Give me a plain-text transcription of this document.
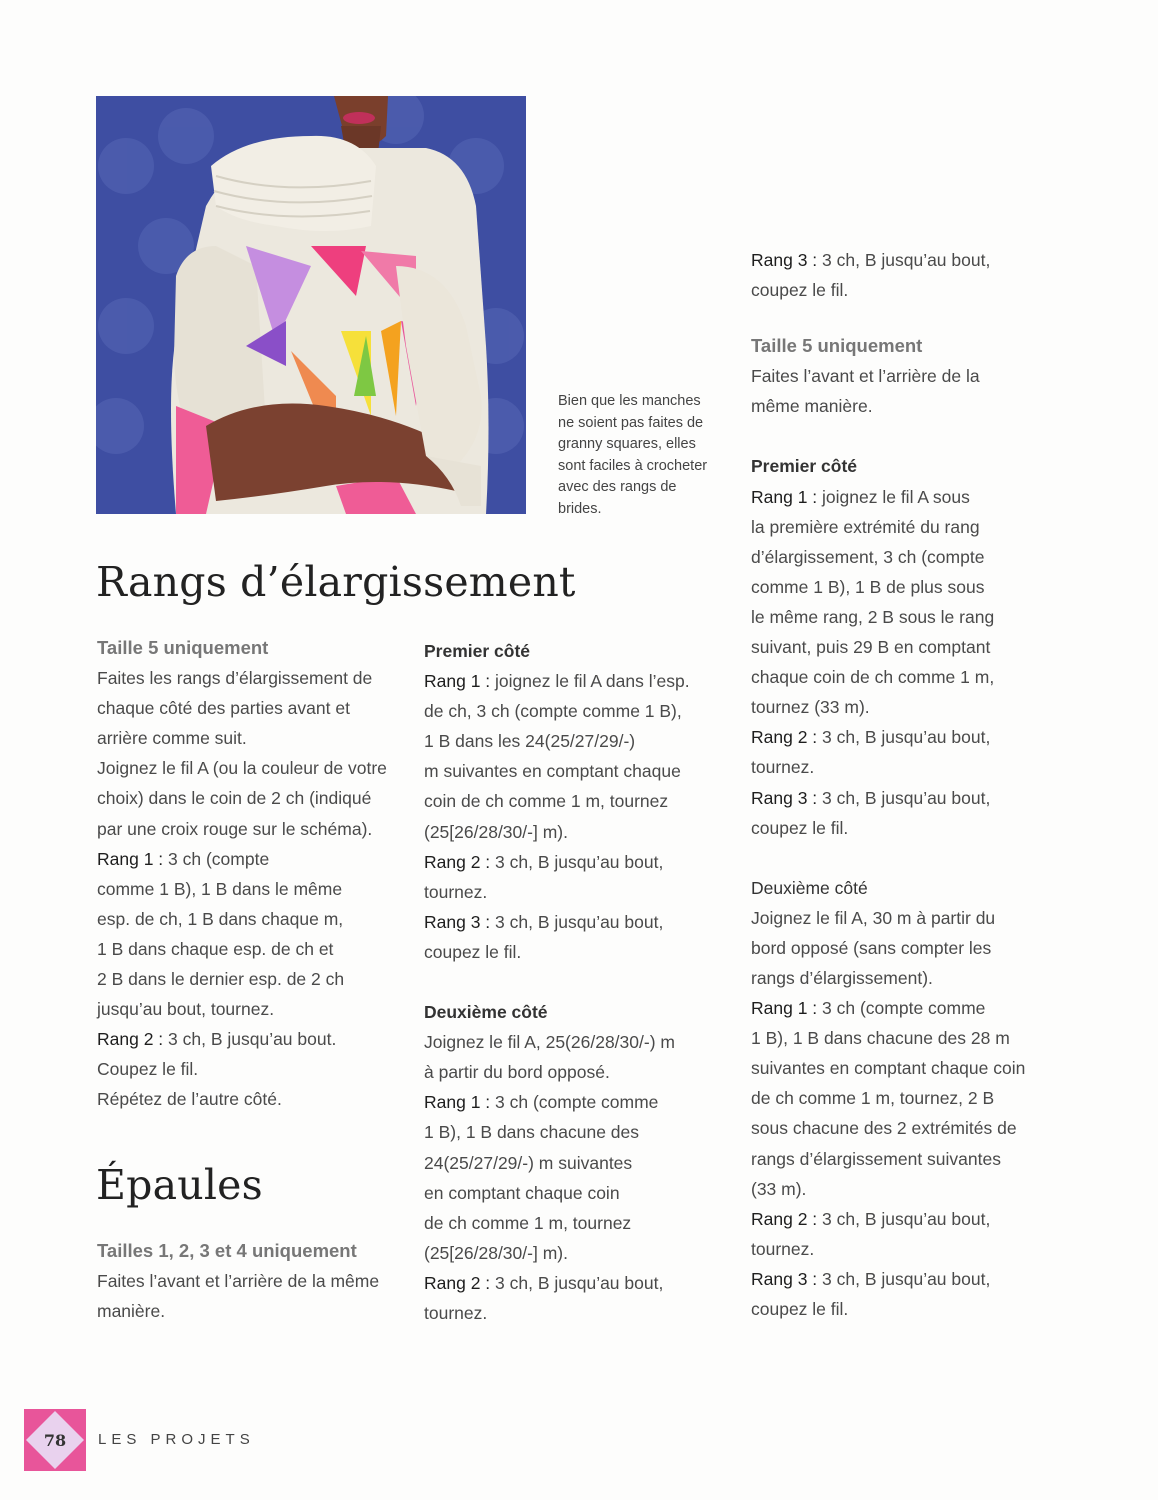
Bien que les manches
ne soient pas faites de
granny squares, elles
sont faciles à crocheter
avec des rangs de
brides.
Rangs d’élargissement
Épaules
Taille 5 uniquement
Faites les rangs d’élargissement de
chaque côté des parties avant et
arrière comme suit.
Joignez le fil A (ou la couleur de votre
choix) dans le coin de 2 ch (indiqué
par une croix rouge sur le schéma).
Rang 1 : 3 ch (compte
comme 1 B), 1 B dans le même
esp. de ch, 1 B dans chaque m,
1 B dans chaque esp. de ch et
2 B dans le dernier esp. de 2 ch
jusqu’au bout, tournez.
Rang 2 : 3 ch, B jusqu’au bout.
Coupez le fil.
Répétez de l’autre côté.
Tailles 1, 2, 3 et 4 uniquement
Faites l’avant et l’arrière de la même
manière.
Premier côté
Rang 1 : joignez le fil A dans l’esp.
de ch, 3 ch (compte comme 1 B),
1 B dans les 24(25/27/29/-)
m suivantes en comptant chaque
coin de ch comme 1 m, tournez
(25[26/28/30/-] m).
Rang 2 : 3 ch, B jusqu’au bout,
tournez.
Rang 3 : 3 ch, B jusqu’au bout,
coupez le fil.
Deuxième côté
Joignez le fil A, 25(26/28/30/-) m
à partir du bord opposé.
Rang 1 : 3 ch (compte comme
1 B), 1 B dans chacune des
24(25/27/29/-) m suivantes
en comptant chaque coin
de ch comme 1 m, tournez
(25[26/28/30/-] m).
Rang 2 : 3 ch, B jusqu’au bout,
tournez.
Rang 3 : 3 ch, B jusqu’au bout,
coupez le fil.
Taille 5 uniquement
Faites l’avant et l’arrière de la
même manière.
Premier côté
Rang 1 : joignez le fil A sous
la première extrémité du rang
d’élargissement, 3 ch (compte
comme 1 B), 1 B de plus sous
le même rang, 2 B sous le rang
suivant, puis 29 B en comptant
chaque coin de ch comme 1 m,
tournez (33 m).
Rang 2 : 3 ch, B jusqu’au bout,
tournez.
Rang 3 : 3 ch, B jusqu’au bout,
coupez le fil.
Deuxième côté
Joignez le fil A, 30 m à partir du
bord opposé (sans compter les
rangs d’élargissement).
Rang 1 : 3 ch (compte comme
1 B), 1 B dans chacune des 28 m
suivantes en comptant chaque coin
de ch comme 1 m, tournez, 2 B
sous chacune des 2 extrémités de
rangs d’élargissement suivantes
(33 m).
Rang 2 : 3 ch, B jusqu’au bout,
tournez.
Rang 3 : 3 ch, B jusqu’au bout,
coupez le fil.
78	LES PROJETS
